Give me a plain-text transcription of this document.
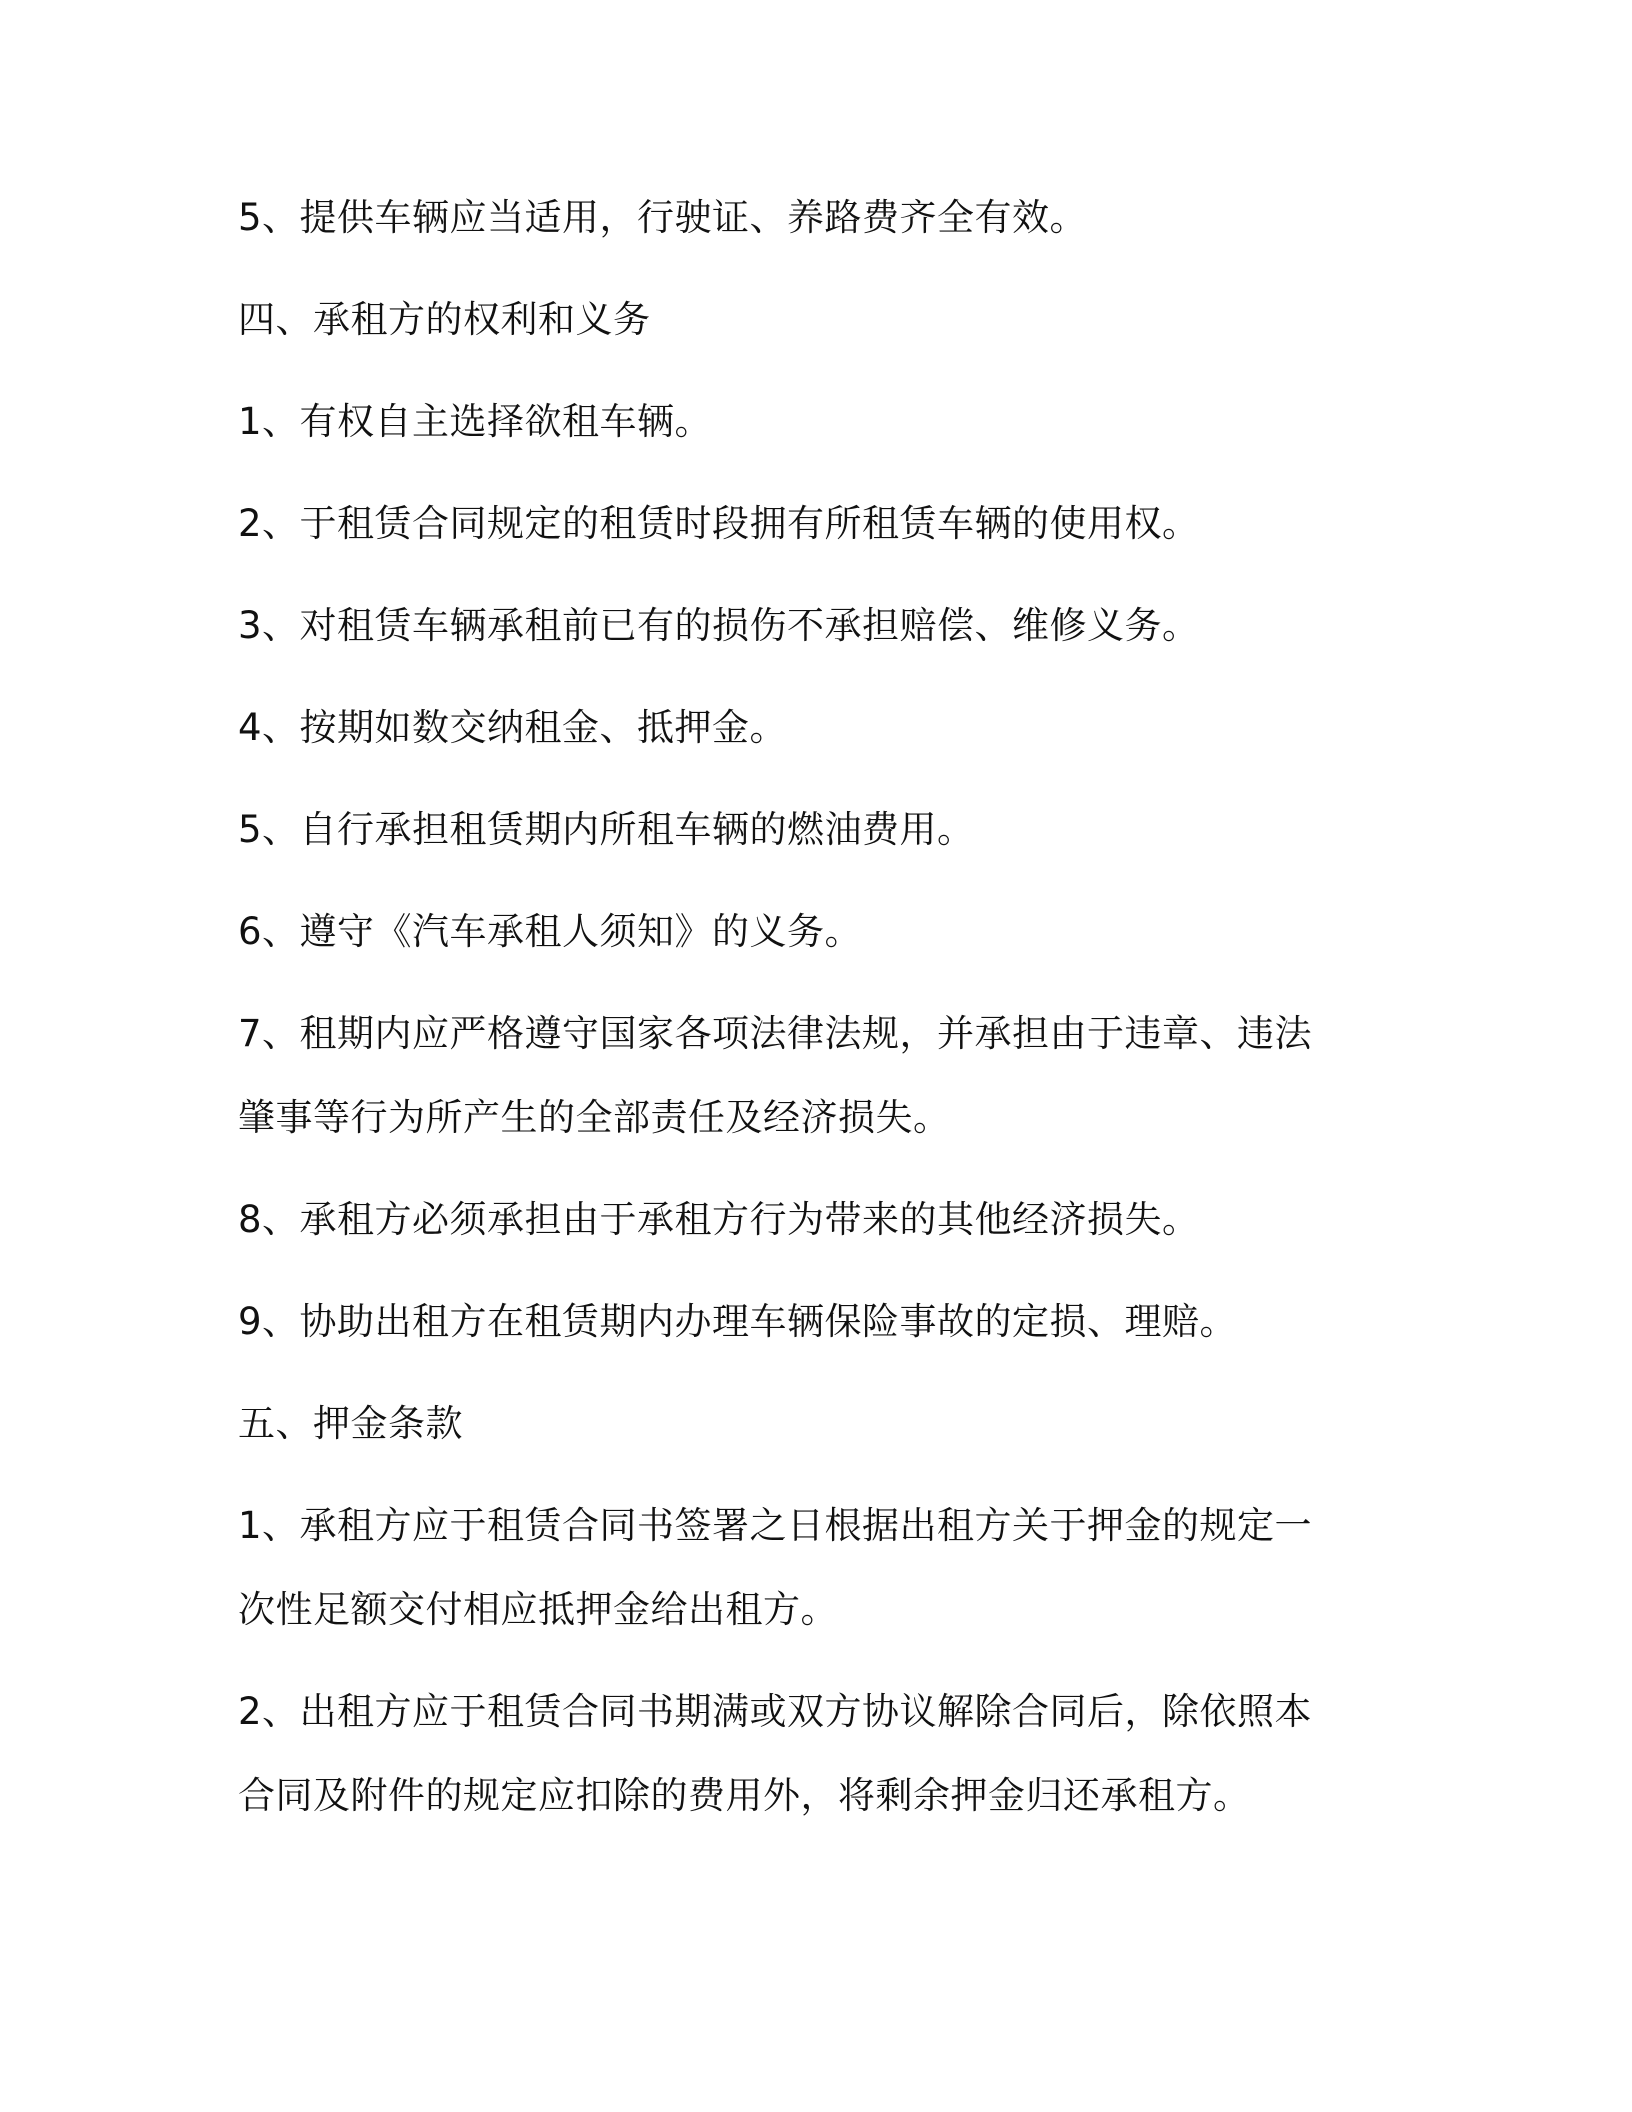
5、提供车辆应当适用，行驶证、养路费齐全有效。

四、承租方的权利和义务

1、有权自主选择欲租车辆。

2、于租赁合同规定的租赁时段拥有所租赁车辆的使用权。

3、对租赁车辆承租前已有的损伤不承担赔偿、维修义务。

4、按期如数交纳租金、抵押金。

5、自行承担租赁期内所租车辆的燃油费用。

6、遵守《汽车承租人须知》的义务。

7、租期内应严格遵守国家各项法律法规，并承担由于违章、违法

肇事等行为所产生的全部责任及经济损失。

8、承租方必须承担由于承租方行为带来的其他经济损失。

9、协助出租方在租赁期内办理车辆保险事故的定损、理赔。

五、押金条款

1、承租方应于租赁合同书签署之日根据出租方关于押金的规定一

次性足额交付相应抵押金给出租方。

2、出租方应于租赁合同书期满或双方协议解除合同后，除依照本

合同及附件的规定应扣除的费用外，将剩余押金归还承租方。
